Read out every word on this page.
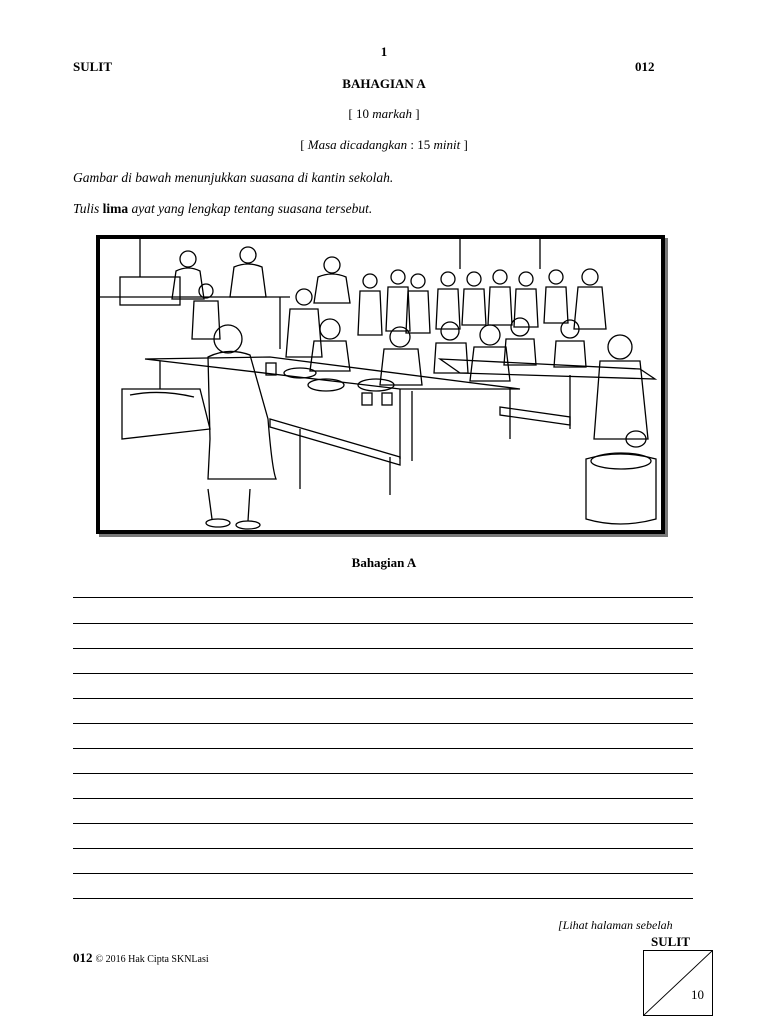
1
SULIT	012
BAHAGIAN A
[ 10 markah ]
[ Masa dicadangkan : 15 minit ]
Gambar di bawah menunjukkan suasana di kantin sekolah.
Tulis lima ayat yang lengkap tentang suasana tersebut.
Bahagian A
[Lihat halaman sebelah
SULIT
012 © 2016 Hak Cipta SKNLasi
10
